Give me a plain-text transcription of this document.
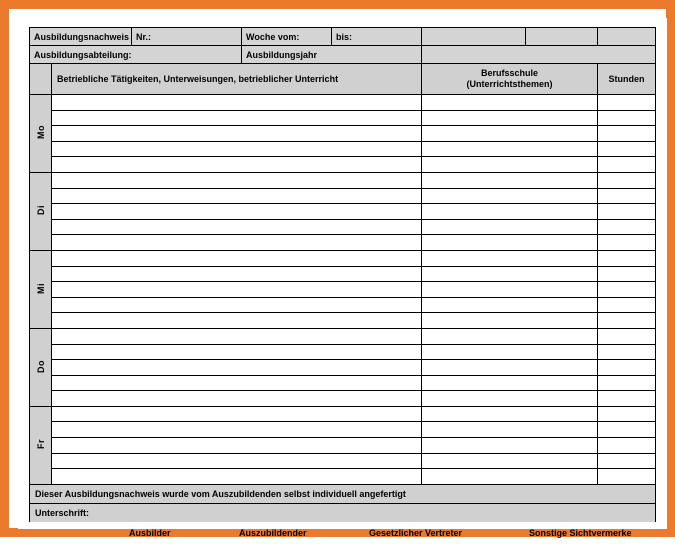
Ausbildungsnachweis		Nr.:	Woche vom:	bis:			
Ausbildungsabteilung:			Ausbildungsjahr				
	Betriebliche Tätigkeiten, Unterweisungen, betrieblicher Unterricht				Berufsschule
(Unterrichtsthemen)		Stunden
Mo							

Di							

Mi							

Do							

Fr							

Dieser Ausbildungsnachweis wurde vom Auszubildenden selbst individuell angefertigt							
Unterschrift:							
Ausbilder	Auszubildender	Gesetzlicher Vertreter	Sonstige Sichtvermerke
